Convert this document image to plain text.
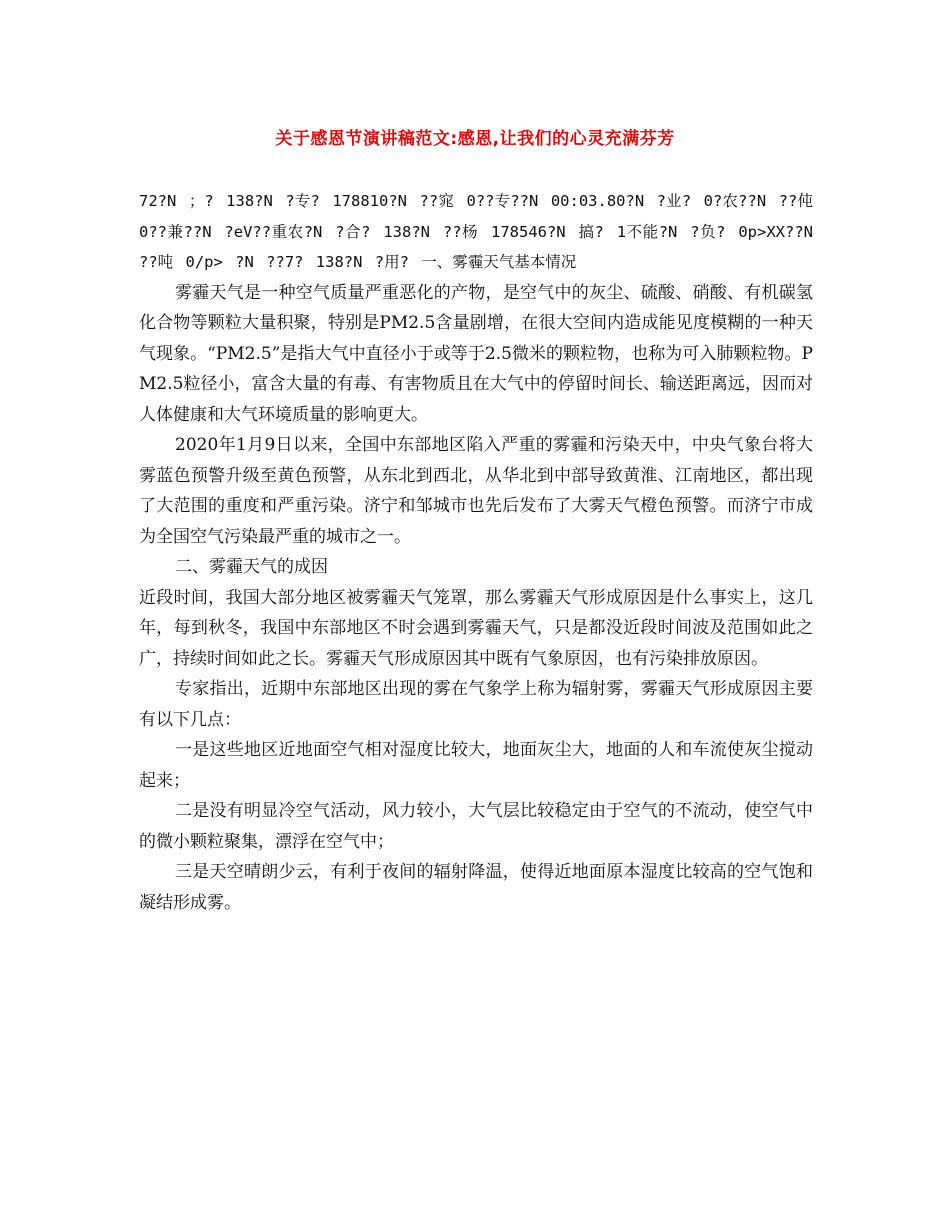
关于感恩节演讲稿范文:感恩,让我们的心灵充满芬芳

72?N ；? 138?N ?专? 178810?N ??窕 0??专??N 00:03.80?N ?业? 0?农??N ??伅 0??兼??N ?eV??重农?N ?合? 138?N ??杨 178546?N 搞? 1不能?N ?负? 0p>XX??N ??吨 0/p> ?N ??7? 138?N ?用? 一、雾霾天气基本情况

雾霾天气是一种空气质量严重恶化的产物，是空气中的灰尘、硫酸、硝酸、有机碳氢化合物等颗粒大量积聚，特别是PM2.5含量剧增，在很大空间内造成能见度模糊的一种天气现象。“PM2.5”是指大气中直径小于或等于2.5微米的颗粒物，也称为可入肺颗粒物。PM2.5粒径小，富含大量的有毒、有害物质且在大气中的停留时间长、输送距离远，因而对人体健康和大气环境质量的影响更大。

2020年1月9日以来，全国中东部地区陷入严重的雾霾和污染天中，中央气象台将大雾蓝色预警升级至黄色预警，从东北到西北，从华北到中部导致黄淮、江南地区，都出现了大范围的重度和严重污染。济宁和邹城市也先后发布了大雾天气橙色预警。而济宁市成为全国空气污染最严重的城市之一。

二、雾霾天气的成因

近段时间，我国大部分地区被雾霾天气笼罩，那么雾霾天气形成原因是什么事实上，这几年，每到秋冬，我国中东部地区不时会遇到雾霾天气，只是都没近段时间波及范围如此之广，持续时间如此之长。雾霾天气形成原因其中既有气象原因，也有污染排放原因。

专家指出，近期中东部地区出现的雾在气象学上称为辐射雾，雾霾天气形成原因主要有以下几点：

一是这些地区近地面空气相对湿度比较大，地面灰尘大，地面的人和车流使灰尘搅动起来；

二是没有明显冷空气活动，风力较小，大气层比较稳定由于空气的不流动，使空气中的微小颗粒聚集，漂浮在空气中；

三是天空晴朗少云，有利于夜间的辐射降温，使得近地面原本湿度比较高的空气饱和凝结形成雾。
